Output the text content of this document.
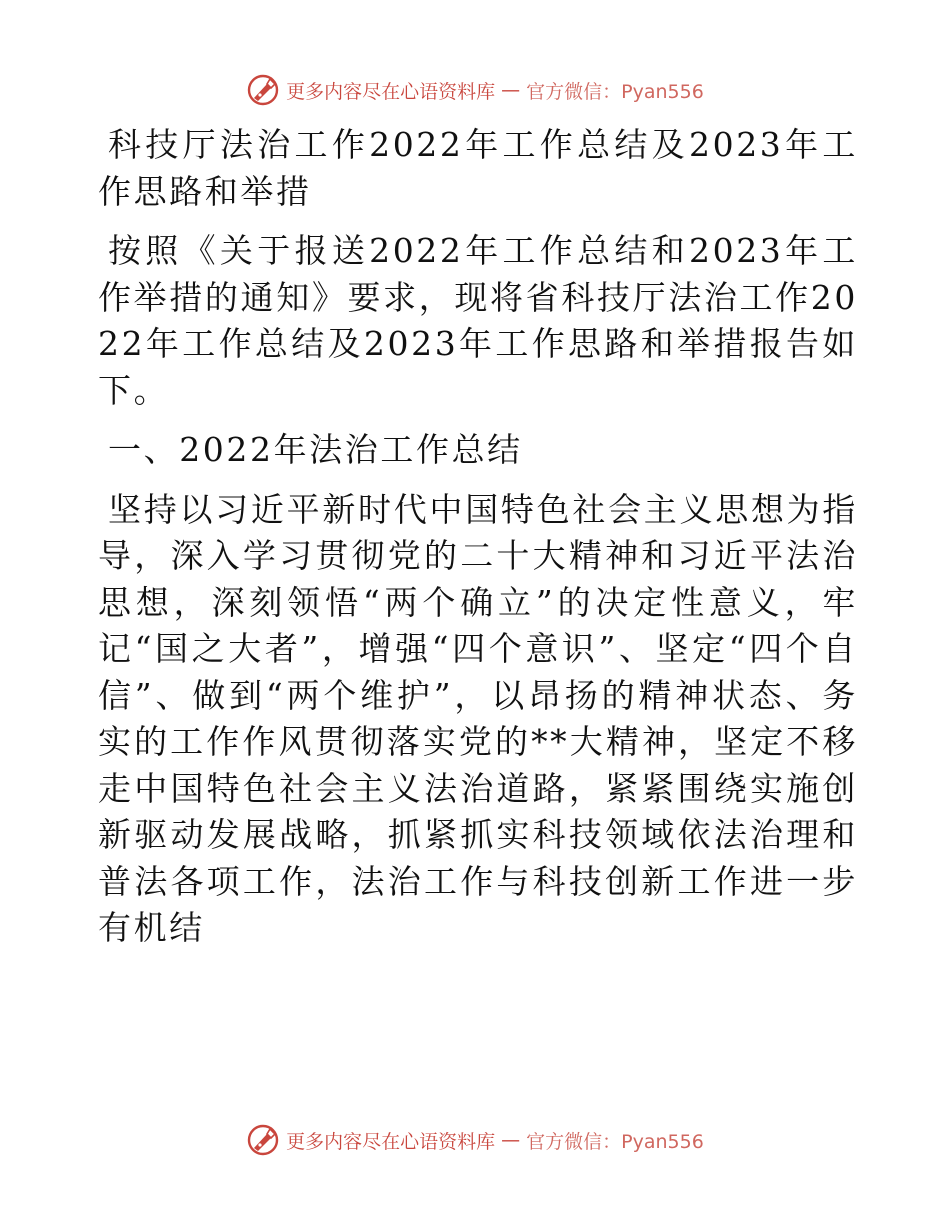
更多内容尽在心语资料库 — 官方微信：Pyan556

科技厅法治工作2022年工作总结及2023年工作思路和举措

按照《关于报送2022年工作总结和2023年工作举措的通知》要求，现将省科技厅法治工作2022年工作总结及2023年工作思路和举措报告如下。

一、2022年法治工作总结

坚持以习近平新时代中国特色社会主义思想为指导，深入学习贯彻党的二十大精神和习近平法治思想，深刻领悟“两个确立”的决定性意义，牢记“国之大者”，增强“四个意识”、坚定“四个自信”、做到“两个维护”，以昂扬的精神状态、务实的工作作风贯彻落实党的**大精神，坚定不移走中国特色社会主义法治道路，紧紧围绕实施创新驱动发展战略，抓紧抓实科技领域依法治理和普法各项工作，法治工作与科技创新工作进一步有机结

更多内容尽在心语资料库 — 官方微信：Pyan556
